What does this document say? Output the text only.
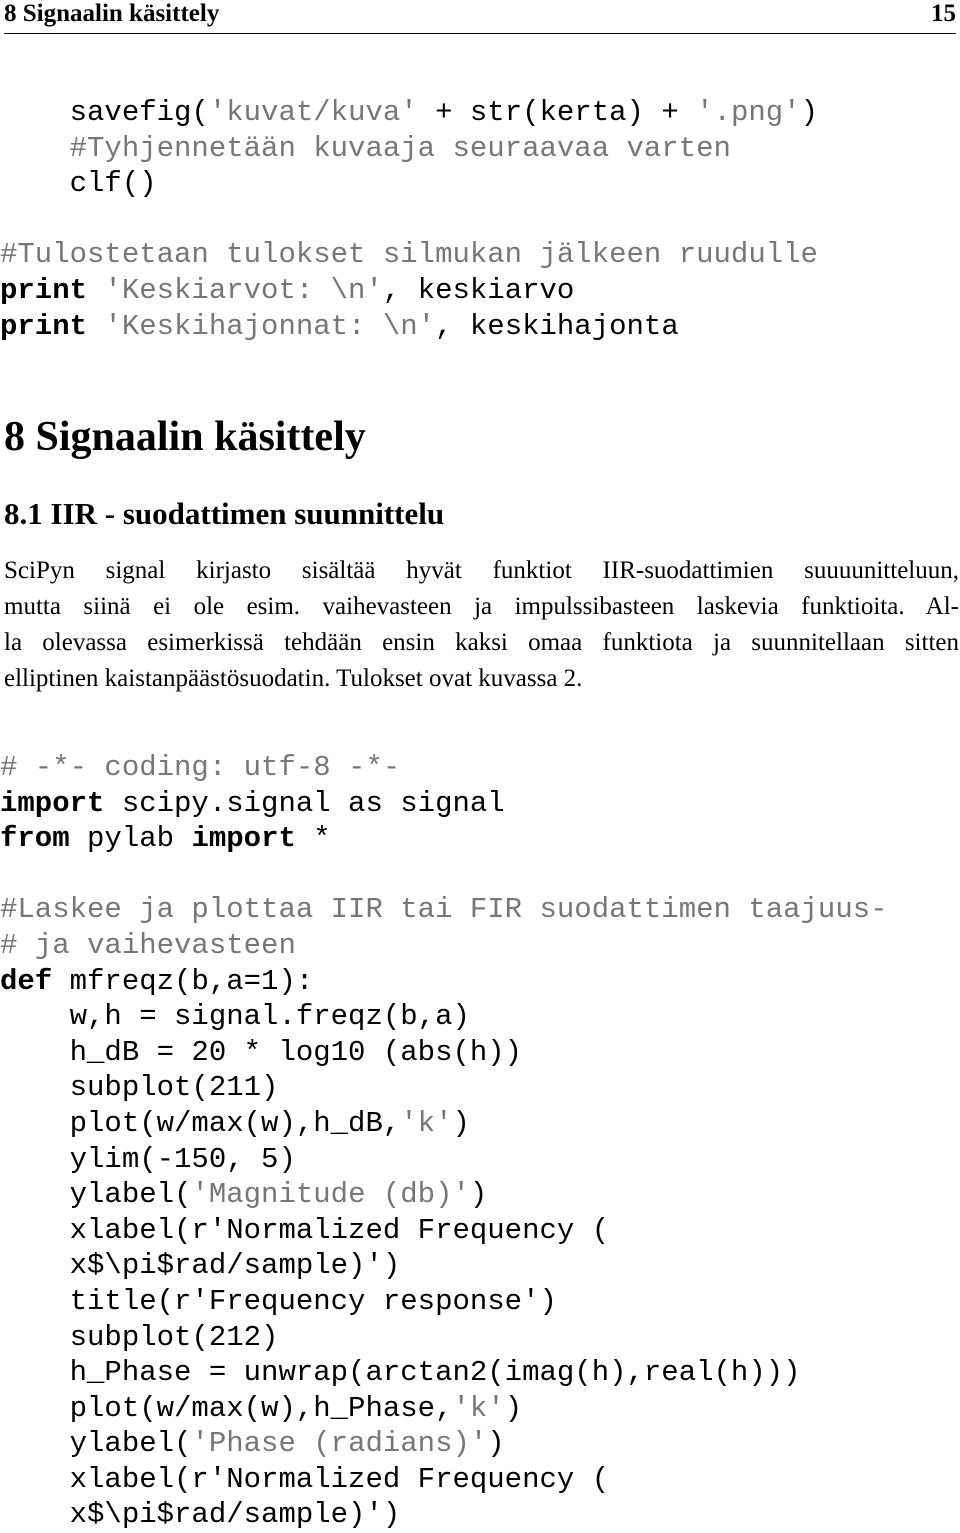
8 Signaalin käsittely	15
savefig('kuvat/kuva' + str(kerta) + '.png')
#Tyhjennetään kuvaaja seuraavaa varten
clf()
#Tulostetaan tulokset silmukan jälkeen ruudulle
print 'Keskiarvot: \n', keskiarvo
print 'Keskihajonnat: \n', keskihajonta
8 Signaalin käsittely
8.1 IIR - suodattimen suunnittelu
SciPyn signal kirjasto sisältää hyvät funktiot IIR-suodattimien suuuunitteluun,
mutta siinä ei ole esim. vaihevasteen ja impulssibasteen laskevia funktioita. Al-
la olevassa esimerkissä tehdään ensin kaksi omaa funktiota ja suunnitellaan sitten
elliptinen kaistanpäästösuodatin. Tulokset ovat kuvassa 2.
# -*- coding: utf-8 -*-
import scipy.signal as signal
from pylab import *
#Laskee ja plottaa IIR tai FIR suodattimen taajuus-
# ja vaihevasteen
def mfreqz(b,a=1):
w,h = signal.freqz(b,a)
h_dB = 20 * log10 (abs(h))
subplot(211)
plot(w/max(w),h_dB,'k')
ylim(-150, 5)
ylabel('Magnitude (db)')
xlabel(r'Normalized Frequency (
x$\pi$rad/sample)')
title(r'Frequency response')
subplot(212)
h_Phase = unwrap(arctan2(imag(h),real(h)))
plot(w/max(w),h_Phase,'k')
ylabel('Phase (radians)')
xlabel(r'Normalized Frequency (
x$\pi$rad/sample)')
